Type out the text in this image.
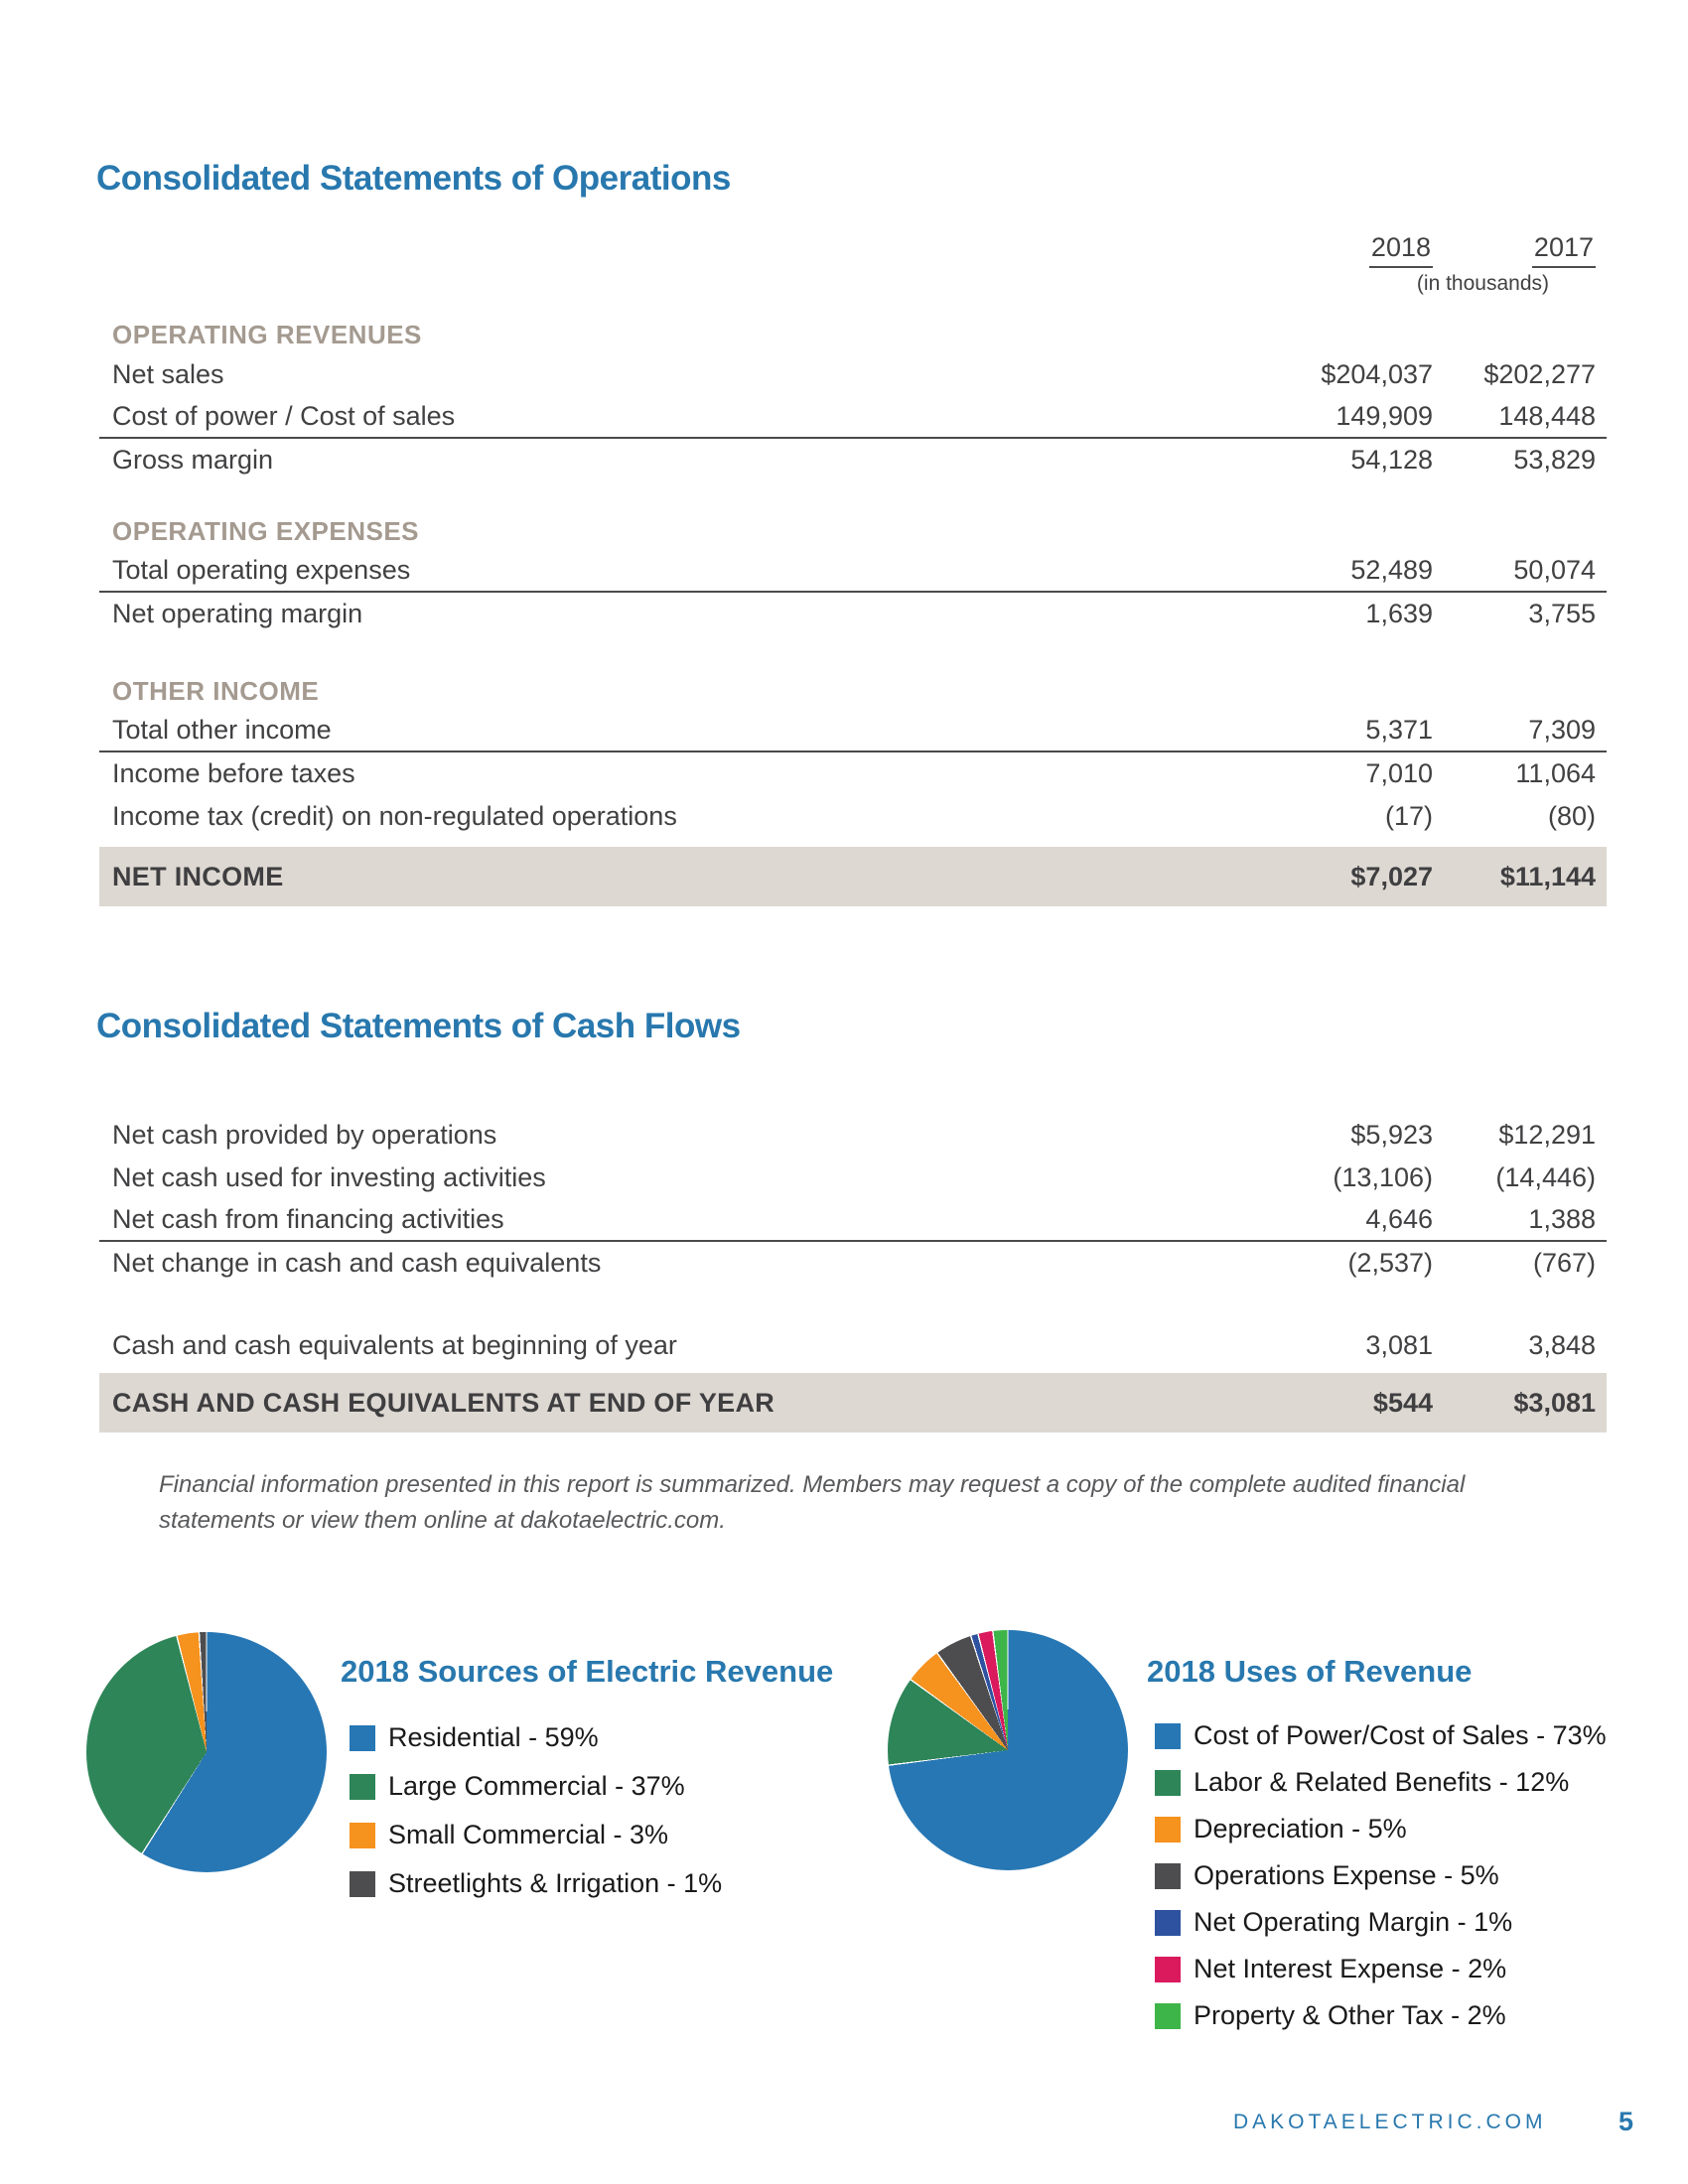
Consolidated Statements of Operations
2018	2017
(in thousands)
OPERATING REVENUES
Net sales	$204,037	$202,277
Cost of power / Cost of sales	149,909	148,448
Gross margin	54,128	53,829
OPERATING EXPENSES
Total operating expenses	52,489	50,074
Net operating margin	1,639	3,755
OTHER INCOME
Total other income	5,371	7,309
Income before taxes	7,010	11,064
Income tax (credit) on non-regulated operations	(17)	(80)
NET INCOME	$7,027	$11,144
Consolidated Statements of Cash Flows
Net cash provided by operations	$5,923	$12,291
Net cash used for investing activities	(13,106)	(14,446)
Net cash from financing activities	4,646	1,388
Net change in cash and cash equivalents	(2,537)	(767)
Cash and cash equivalents at beginning of year	3,081	3,848
CASH AND CASH EQUIVALENTS AT END OF YEAR	$544	$3,081

Financial information presented in this report is summarized. Members may request a copy of the complete audited financial statements or view them online at dakotaelectric.com.

2018 Sources of Electric Revenue
Residential - 59%
Large Commercial - 37%
Small Commercial - 3%
Streetlights & Irrigation - 1%
2018 Uses of Revenue
Cost of Power/Cost of Sales - 73%
Labor & Related Benefits - 12%
Depreciation - 5%
Operations Expense - 5%
Net Operating Margin - 1%
Net Interest Expense - 2%
Property & Other Tax - 2%
DAKOTAELECTRIC.COM	5
